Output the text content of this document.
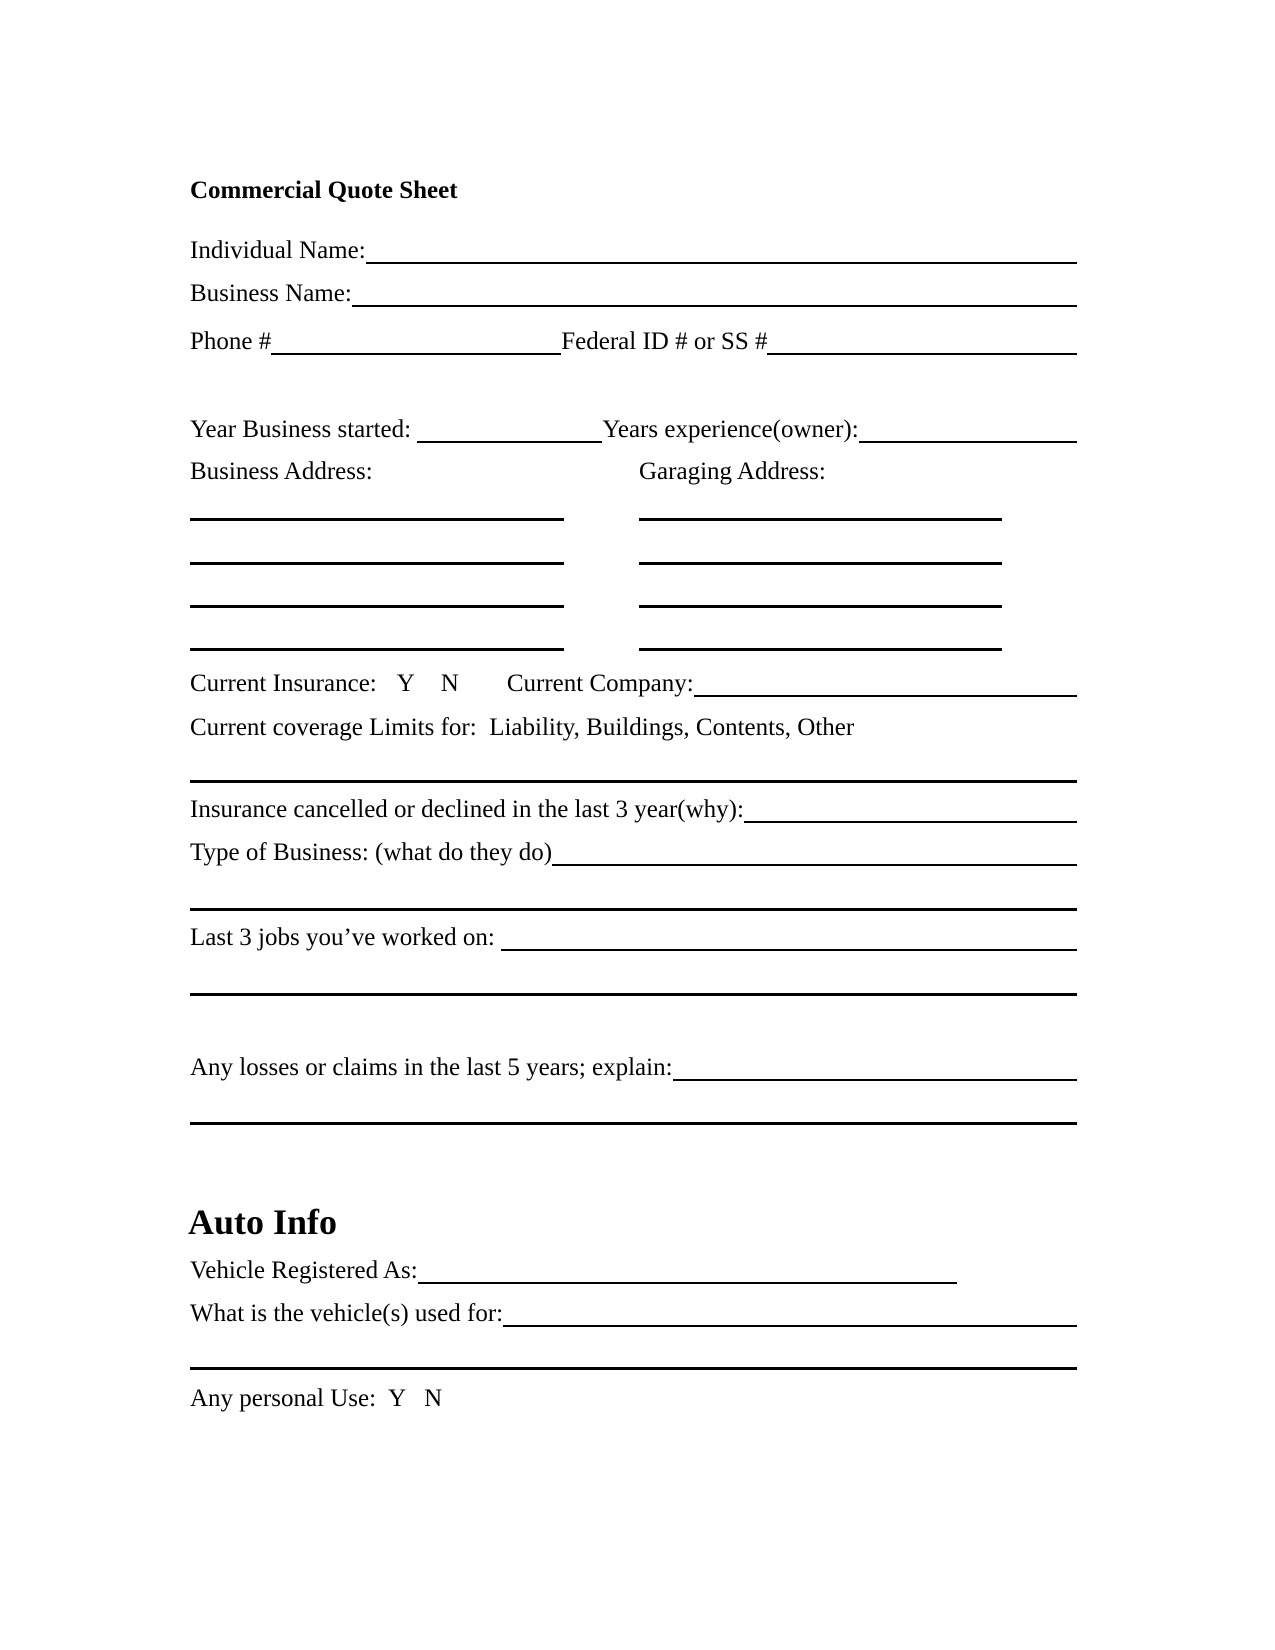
Commercial Quote Sheet
Individual Name:
Business Name:
Phone #	Federal ID # or SS #
Year Business started:	Years experience(owner):
Business Address:	Garaging Address:
Current Insurance: Y N Current Company:
Current coverage Limits for:  Liability, Buildings, Contents, Other
Insurance cancelled or declined in the last 3 year(why):
Type of Business: (what do they do)
Last 3 jobs you’ve worked on:
Any losses or claims in the last 5 years; explain:
Auto Info
Vehicle Registered As:
What is the vehicle(s) used for:
Any personal Use: Y N
